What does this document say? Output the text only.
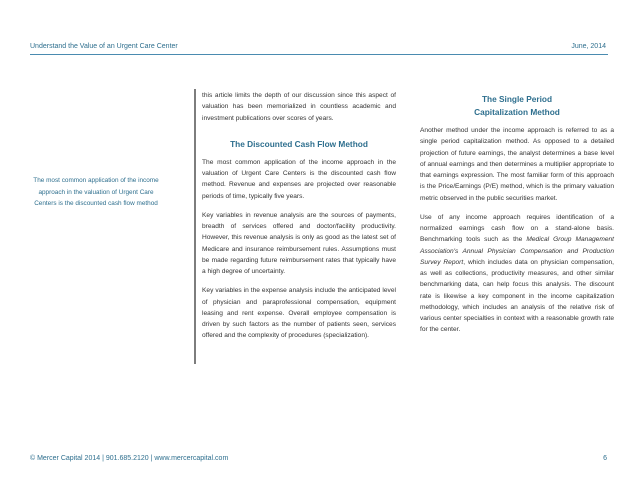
Understand the Value of an Urgent Care Center	June, 2014
The most common application of the income approach in the valuation of Urgent Care Centers is the discounted cash flow method

this article limits the depth of our discussion since this aspect of valuation has been memorialized in countless academic and investment publications over scores of years.

The Discounted Cash Flow Method

The most common application of the income approach in the valuation of Urgent Care Centers is the discounted cash flow method. Revenue and expenses are projected over reasonable periods of time, typically five years.

Key variables in revenue analysis are the sources of payments, breadth of services offered and doctor/facility productivity. However, this revenue analysis is only as good as the latest set of Medicare and insurance reimbursement rules. Assumptions must be made regarding future reimbursement rates that typically have a high degree of uncertainty.

Key variables in the expense analysis include the anticipated level of physician and paraprofessional compensation, equipment leasing and rent expense. Overall employee compensation is driven by such factors as the number of patients seen, services offered and the complexity of procedures (specialization).

The Single Period
Capitalization Method

Another method under the income approach is referred to as a single period capitalization method. As opposed to a detailed projection of future earnings, the analyst determines a base level of annual earnings and then determines a multiplier appropriate to that earnings expression. The most familiar form of this approach is the Price/Earnings (P/E) method, which is the primary valuation metric observed in the public securities market.

Use of any income approach requires identification of a normalized earnings cash flow on a stand-alone basis. Benchmarking tools such as the Medical Group Management Association's Annual Physician Compensation and Production Survey Report, which includes data on physician compensation, as well as collections, productivity measures, and other similar benchmarking data, can help focus this analysis. The discount rate is likewise a key component in the income capitalization methodology, which includes an analysis of the relative risk of various center specialties in context with a reasonable growth rate for the center.

© Mercer Capital 2014 | 901.685.2120 | www.mercercapital.com	6
